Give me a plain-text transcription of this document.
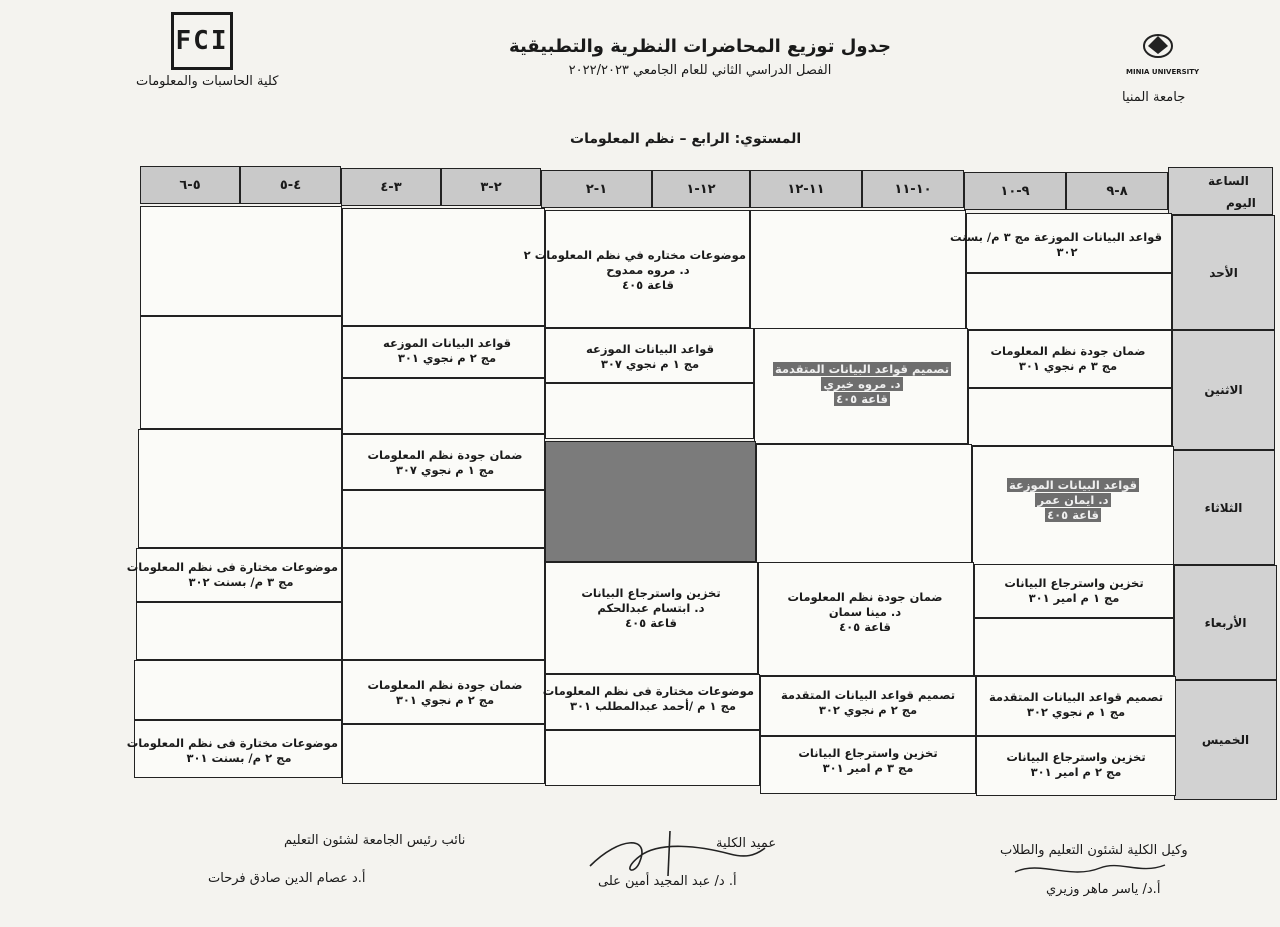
FCI
كلية الحاسبات والمعلومات
جدول توزيع المحاضرات النظرية والتطبيقية
الفصل الدراسي الثاني للعام الجامعي ٢٠٢٢/٢٠٢٣	MINIA UNIVERSITY
جامعة المنيا
المستوي: الرابع – نظم المعلومات
الساعة
اليوم
٨-٩
٩-١٠
١٠-١١
١١-١٢
١٢-١
١-٢
٢-٣
٣-٤
٤-٥
٥-٦
الأحد
الاثنين
الثلاثاء
الأربعاء
الخميس
قواعد البيانات الموزعة مج ٣ م/ بسنت
٣٠٢
موضوعات مختاره في نظم المعلومات ٢
د. مروه ممدوح
قاعة ٤٠٥
ضمان جودة نظم المعلومات
مج ٣ م نجوي ٣٠١
تصميم قواعد البيانات المتقدمة
د. مروه خيري
قاعة ٤٠٥
قواعد البيانات الموزعه
مج ١ م نجوي ٣٠٧
قواعد البيانات الموزعه
مج ٢ م نجوي ٣٠١
قواعد البيانات الموزعة
د. ايمان عمر
قاعة ٤٠٥
ضمان جودة نظم المعلومات
مج ١ م نجوي ٣٠٧
تخزين واسترجاع البيانات
مج ١ م امير ٣٠١
ضمان جودة نظم المعلومات
د. مينا سمان
قاعة ٤٠٥
تخزين واسترجاع البيانات
د. ابتسام عبدالحكم
قاعة ٤٠٥
موضوعات مختارة فى نظم المعلومات
مج ٣ م/ بسنت ٣٠٢
تصميم قواعد البيانات المتقدمة
مج ١ م نجوي ٣٠٢
تخزين واسترجاع البيانات
مج ٢ م امير ٣٠١
تصميم قواعد البيانات المتقدمة
مج ٢ م نجوي ٣٠٢
تخزين واسترجاع البيانات
مج ٣ م امير ٣٠١
موضوعات مختارة فى نظم المعلومات
مج ١ م /أحمد عبدالمطلب ٣٠١
ضمان جودة نظم المعلومات
مج ٢ م نجوي ٣٠١
موضوعات مختارة فى نظم المعلومات
مج ٢ م/ بسنت ٣٠١
وكيل الكلية لشئون التعليم والطلاب
أ.د/ ياسر ماهر وزيري
عميد الكلية
أ. د/ عبد المجيد أمين على
نائب رئيس الجامعة لشئون التعليم
أ.د عصام الدين صادق فرحات
